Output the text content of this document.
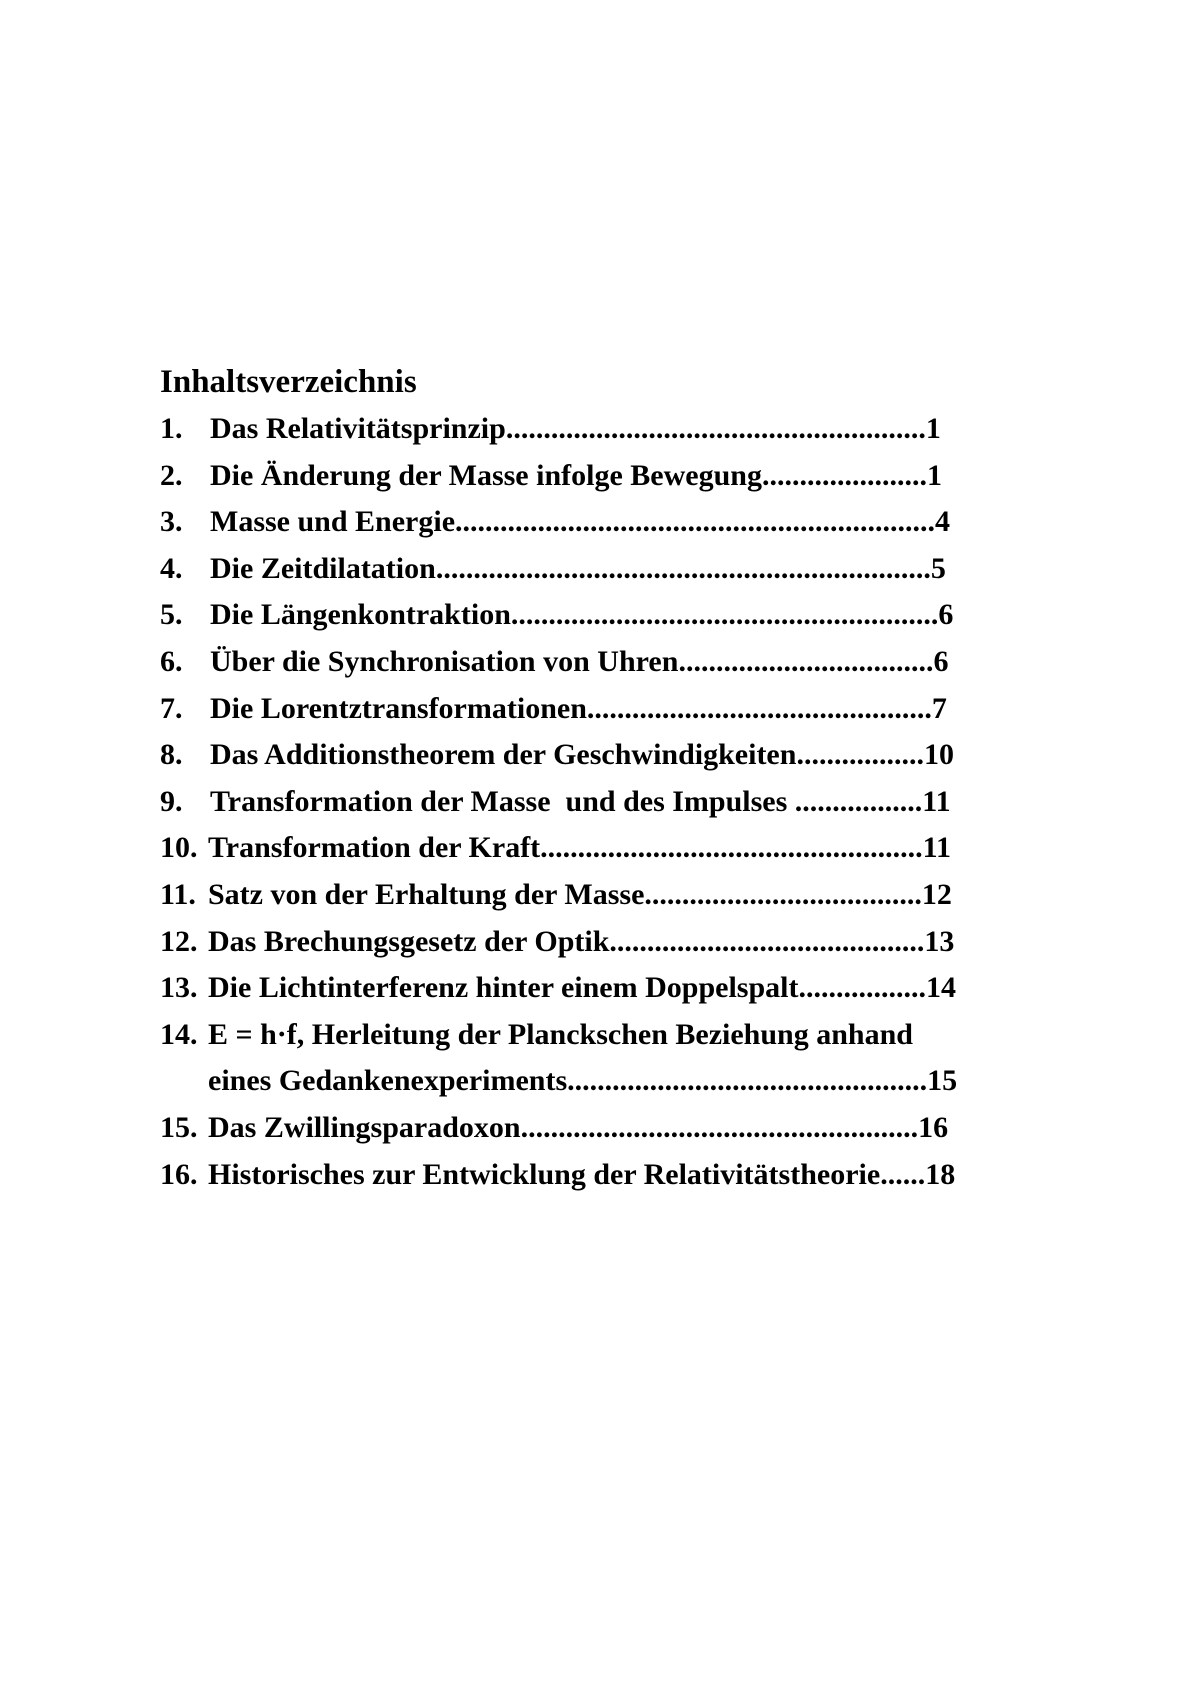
Inhaltsverzeichnis
1. Das Relativitätsprinzip........................................................1
2. Die Änderung der Masse infolge Bewegung......................1
3. Masse und Energie................................................................4
4. Die Zeitdilatation..................................................................5
5. Die Längenkontraktion.........................................................6
6. Über die Synchronisation von Uhren..................................6
7. Die Lorentztransformationen..............................................7
8. Das Additionstheorem der Geschwindigkeiten.................10
9. Transformation der Masse  und des Impulses .................11
10. Transformation der Kraft...................................................11
11. Satz von der Erhaltung der Masse.....................................12
12. Das Brechungsgesetz der Optik..........................................13
13. Die Lichtinterferenz hinter einem Doppelspalt.................14
14. E = h·f, Herleitung der Planckschen Beziehung anhand
eines Gedankenexperiments................................................15
15. Das Zwillingsparadoxon.....................................................16
16. Historisches zur Entwicklung der Relativitätstheorie......18
